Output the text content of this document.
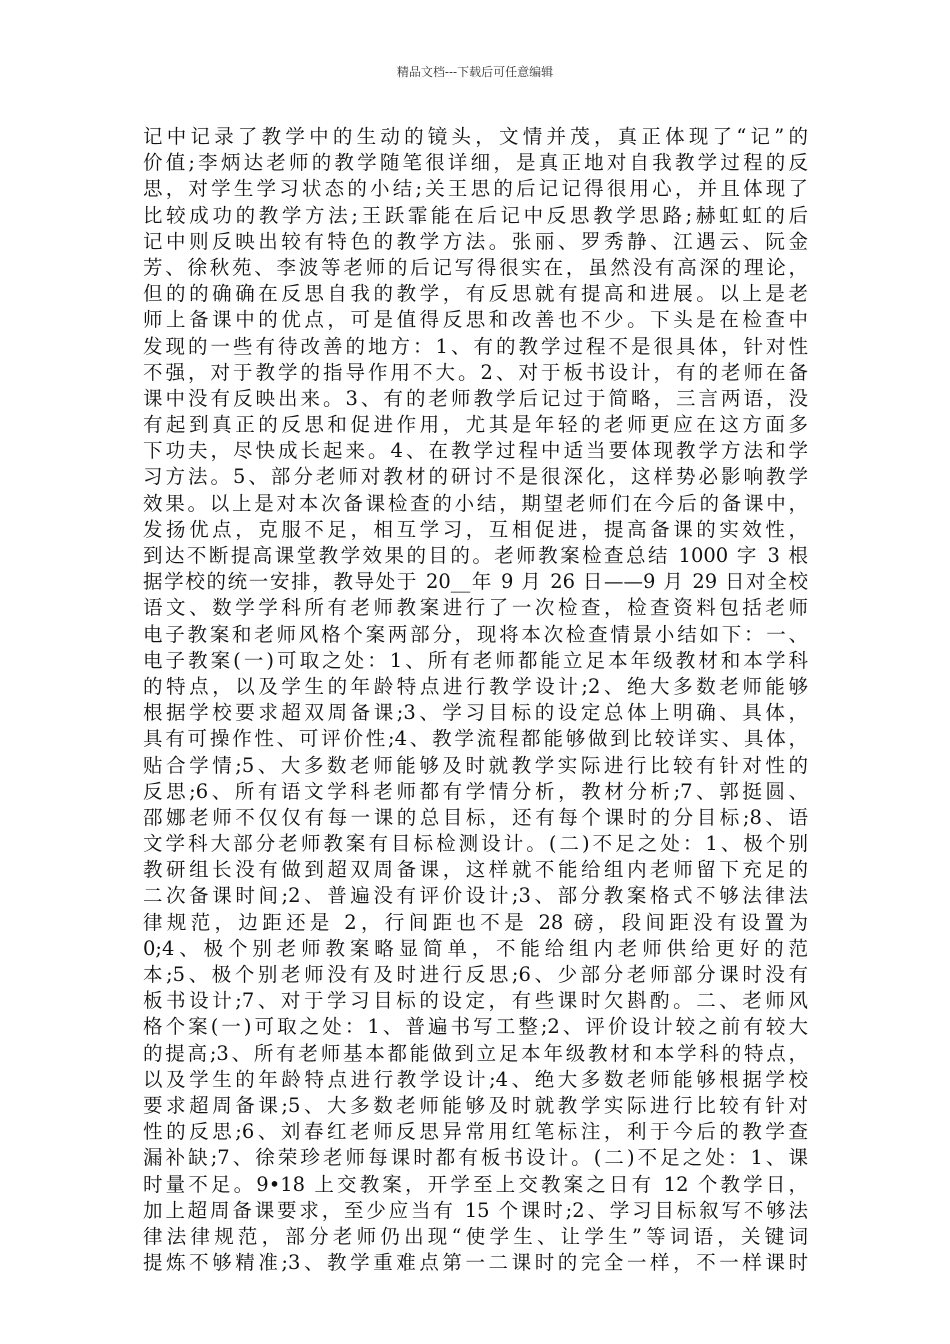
精品文档---下载后可任意编辑
记中记录了教学中的生动的镜头，文情并茂，真正体现了“记”的
价值;李炳达老师的教学随笔很详细，是真正地对自我教学过程的反
思，对学生学习状态的小结;关王思的后记记得很用心，并且体现了
比较成功的教学方法;王跃霏能在后记中反思教学思路;赫虹虹的后
记中则反映出较有特色的教学方法。张丽、罗秀静、江遇云、阮金
芳、徐秋苑、李波等老师的后记写得很实在，虽然没有高深的理论，
但的的确确在反思自我的教学，有反思就有提高和进展。以上是老
师上备课中的优点，可是值得反思和改善也不少。下头是在检查中
发现的一些有待改善的地方：1、有的教学过程不是很具体，针对性
不强，对于教学的指导作用不大。2、对于板书设计，有的老师在备
课中没有反映出来。3、有的老师教学后记过于简略，三言两语，没
有起到真正的反思和促进作用，尤其是年轻的老师更应在这方面多
下功夫，尽快成长起来。4、在教学过程中适当要体现教学方法和学
习方法。5、部分老师对教材的研讨不是很深化，这样势必影响教学
效果。以上是对本次备课检查的小结，期望老师们在今后的备课中，
发扬优点，克服不足，相互学习，互相促进，提高备课的实效性，
到达不断提高课堂教学效果的目的。老师教案检查总结 1000 字 3 根
据学校的统一安排，教导处于 20__年 9 月 26 日——9 月 29 日对全校
语文、数学学科所有老师教案进行了一次检查，检查资料包括老师
电子教案和老师风格个案两部分，现将本次检查情景小结如下：一、
电子教案(一)可取之处：1、所有老师都能立足本年级教材和本学科
的特点，以及学生的年龄特点进行教学设计;2、绝大多数老师能够
根据学校要求超双周备课;3、学习目标的设定总体上明确、具体，
具有可操作性、可评价性;4、教学流程都能够做到比较详实、具体，
贴合学情;5、大多数老师能够及时就教学实际进行比较有针对性的
反思;6、所有语文学科老师都有学情分析，教材分析;7、郭挺圆、
邵娜老师不仅仅有每一课的总目标，还有每个课时的分目标;8、语
文学科大部分老师教案有目标检测设计。(二)不足之处：1、极个别
教研组长没有做到超双周备课，这样就不能给组内老师留下充足的
二次备课时间;2、普遍没有评价设计;3、部分教案格式不够法律法
律规范，边距还是 2，行间距也不是 28 磅，段间距没有设置为
0;4、极个别老师教案略显简单，不能给组内老师供给更好的范
本;5、极个别老师没有及时进行反思;6、少部分老师部分课时没有
板书设计;7、对于学习目标的设定，有些课时欠斟酌。二、老师风
格个案(一)可取之处：1、普遍书写工整;2、评价设计较之前有较大
的提高;3、所有老师基本都能做到立足本年级教材和本学科的特点，
以及学生的年龄特点进行教学设计;4、绝大多数老师能够根据学校
要求超周备课;5、大多数老师能够及时就教学实际进行比较有针对
性的反思;6、刘春红老师反思异常用红笔标注，利于今后的教学查
漏补缺;7、徐荣珍老师每课时都有板书设计。(二)不足之处：1、课
时量不足。9•18 上交教案，开学至上交教案之日有 12 个教学日，
加上超周备课要求，至少应当有 15 个课时;2、学习目标叙写不够法
律法律规范，部分老师仍出现“使学生、让学生”等词语，关键词
提炼不够精准;3、教学重难点第一二课时的完全一样，不一样课时
